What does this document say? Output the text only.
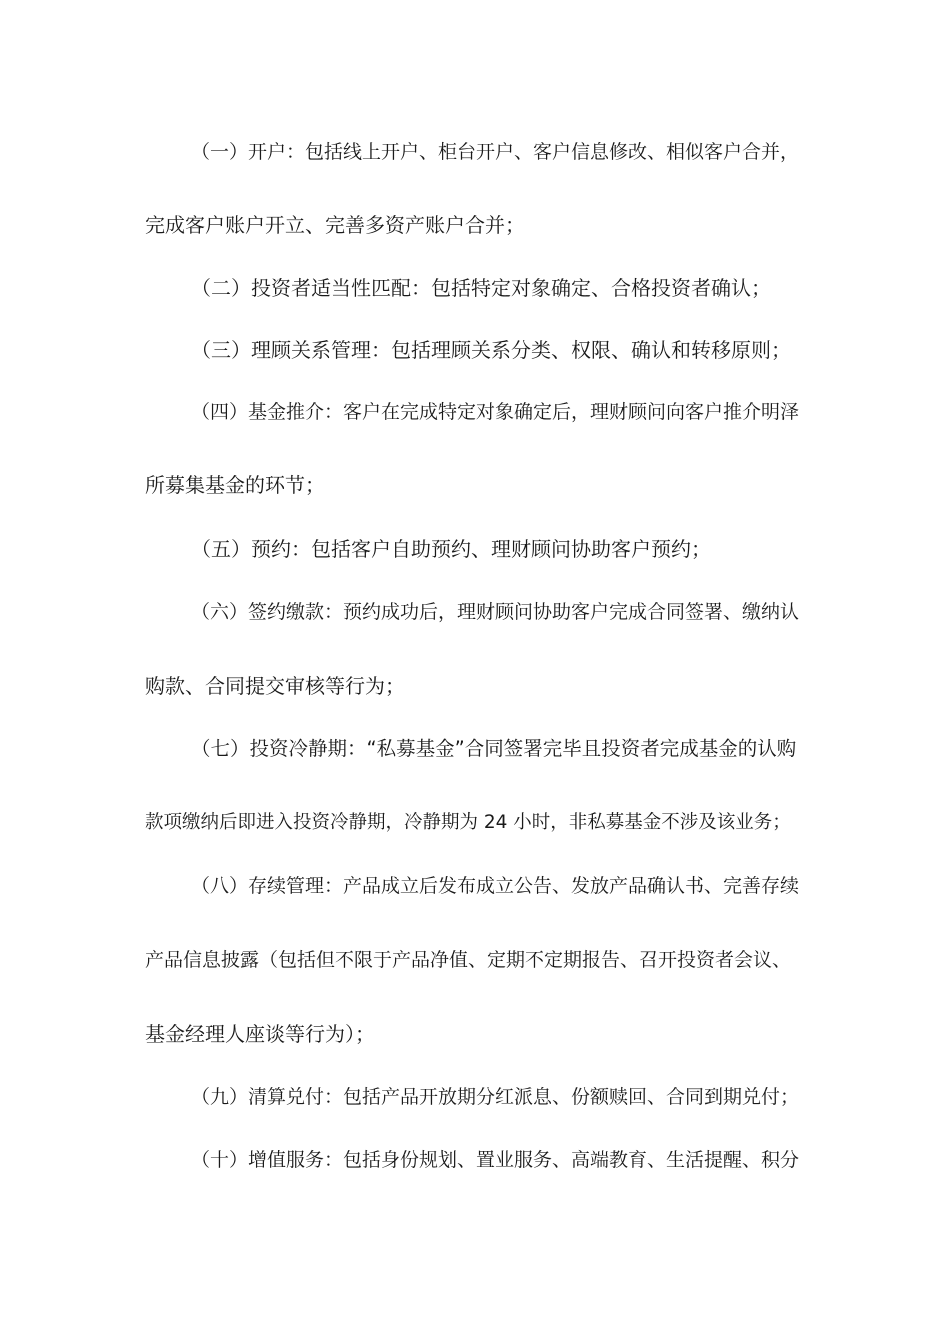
（一）开户：包括线上开户、柜台开户、客户信息修改、相似客户合并，
完成客户账户开立、完善多资产账户合并；
（二）投资者适当性匹配：包括特定对象确定、合格投资者确认；
（三）理顾关系管理：包括理顾关系分类、权限、确认和转移原则；
（四）基金推介：客户在完成特定对象确定后，理财顾问向客户推介明泽
所募集基金的环节；
（五）预约：包括客户自助预约、理财顾问协助客户预约；
（六）签约缴款：预约成功后，理财顾问协助客户完成合同签署、缴纳认
购款、合同提交审核等行为；
（七）投资冷静期：“私募基金”合同签署完毕且投资者完成基金的认购
款项缴纳后即进入投资冷静期，冷静期为 24 小时，非私募基金不涉及该业务；
（八）存续管理：产品成立后发布成立公告、发放产品确认书、完善存续
产品信息披露（包括但不限于产品净值、定期不定期报告、召开投资者会议、
基金经理人座谈等行为）；
（九）清算兑付：包括产品开放期分红派息、份额赎回、合同到期兑付；
（十）增值服务：包括身份规划、置业服务、高端教育、生活提醒、积分
